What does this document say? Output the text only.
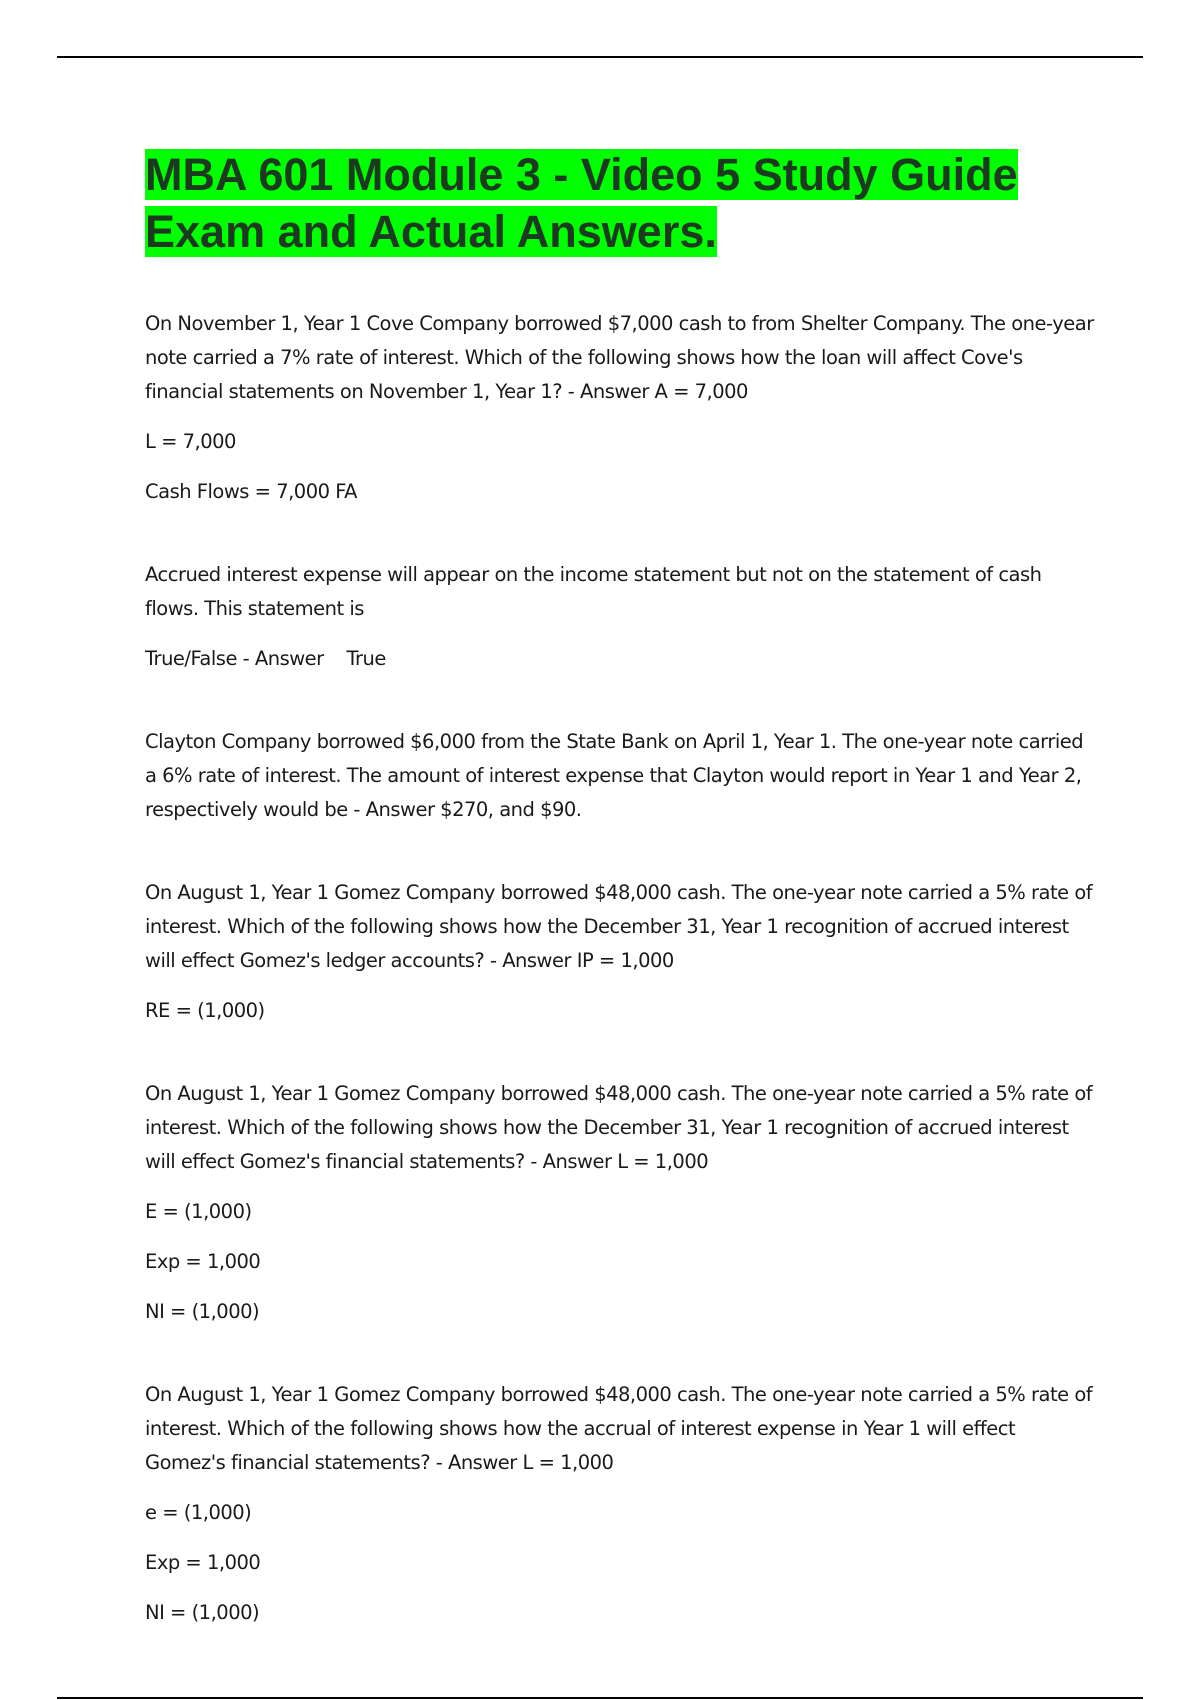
MBA 601 Module 3 - Video 5 Study Guide Exam and Actual Answers.

On November 1, Year 1 Cove Company borrowed $7,000 cash to from Shelter Company. The one-year note carried a 7% rate of interest. Which of the following shows how the loan will affect Cove's financial statements on November 1, Year 1? - Answer A = 7,000

L = 7,000

Cash Flows = 7,000 FA

Accrued interest expense will appear on the income statement but not on the statement of cash flows. This statement is

True/False - Answer    True

Clayton Company borrowed $6,000 from the State Bank on April 1, Year 1. The one-year note carried a 6% rate of interest. The amount of interest expense that Clayton would report in Year 1 and Year 2, respectively would be - Answer $270, and $90.

On August 1, Year 1 Gomez Company borrowed $48,000 cash. The one-year note carried a 5% rate of interest. Which of the following shows how the December 31, Year 1 recognition of accrued interest will effect Gomez's ledger accounts? - Answer IP = 1,000

RE = (1,000)

On August 1, Year 1 Gomez Company borrowed $48,000 cash. The one-year note carried a 5% rate of interest. Which of the following shows how the December 31, Year 1 recognition of accrued interest will effect Gomez's financial statements? - Answer L = 1,000

E = (1,000)

Exp = 1,000

NI = (1,000)

On August 1, Year 1 Gomez Company borrowed $48,000 cash. The one-year note carried a 5% rate of interest. Which of the following shows how the accrual of interest expense in Year 1 will effect Gomez's financial statements? - Answer L = 1,000

e = (1,000)

Exp = 1,000

NI = (1,000)
